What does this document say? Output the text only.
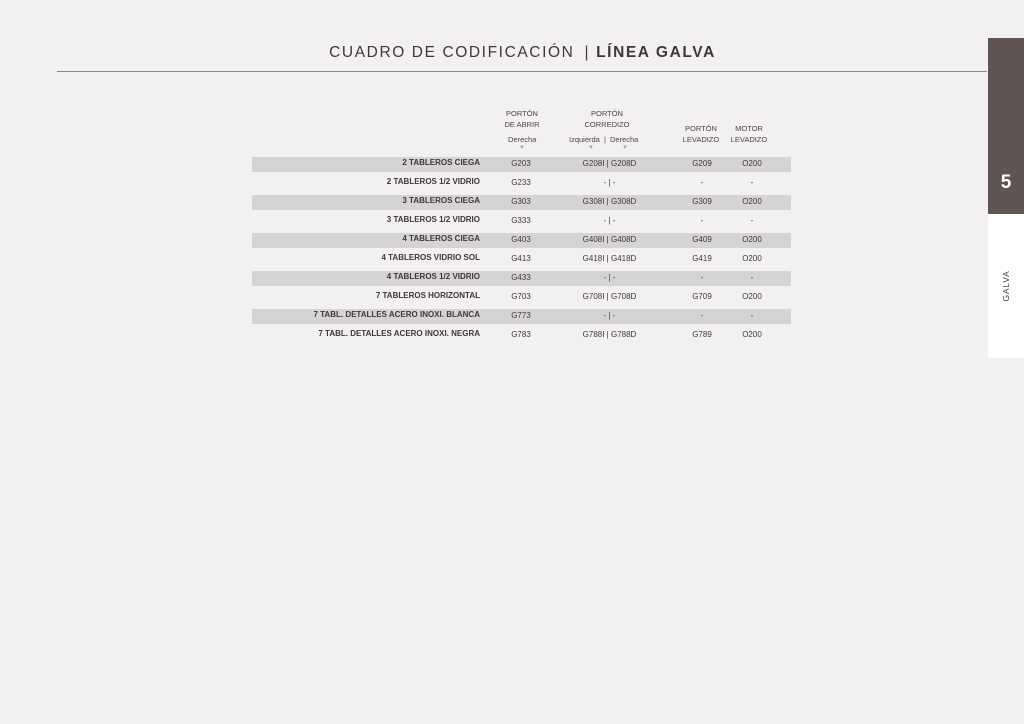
CUADRO DE CODIFICACIÓN | LÍNEA GALVA
5
GALVA
PORTÓN
DE ABRIR
Derecha
▼
PORTÓN
CORREDIZO
Izquierda | Derecha
▼	▼
PORTÓN
LEVADIZO
MOTOR
LEVADIZO
2 TABLEROS CIEGA	G203	G208I | G208D	G209	O200
2 TABLEROS 1/2 VIDRIO	G233	- | -	-	-
3 TABLEROS CIEGA	G303	G308I | G308D	G309	O200
3 TABLEROS 1/2 VIDRIO	G333	- | -	-	-
4 TABLEROS CIEGA	G403	G408I | G408D	G409	O200
4 TABLEROS VIDRIO SOL	G413	G418I | G418D	G419	O200
4 TABLEROS 1/2 VIDRIO	G433	- | -	-	-
7 TABLEROS HORIZONTAL	G703	G708I | G708D	G709	O200
7 TABL. DETALLES ACERO INOXI. BLANCA	G773	- | -	-	-
7 TABL. DETALLES ACERO INOXI. NEGRA	G783	G788I | G788D	G789	O200
